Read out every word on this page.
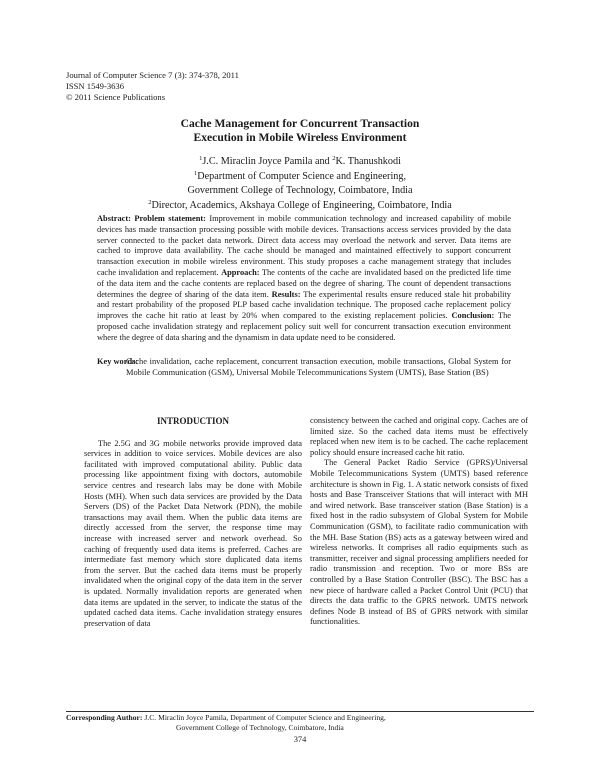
Journal of Computer Science 7 (3): 374-378, 2011
ISSN 1549-3636
© 2011 Science Publications
Cache Management for Concurrent Transaction
Execution in Mobile Wireless Environment
$^1$J.C. Miraclin Joyce Pamila and $^2$K. Thanushkodi
$^1$Department of Computer Science and Engineering,
Government College of Technology, Coimbatore, India
$^2$Director, Academics, Akshaya College of Engineering, Coimbatore, India
Abstract: Problem statement: Improvement in mobile communication technology and increased capability of mobile devices has made transaction processing possible with mobile devices. Transactions access services provided by the data server connected to the packet data network. Direct data access may overload the network and server. Data items are cached to improve data availability. The cache should be managed and maintained effectively to support concurrent transaction execution in mobile wireless environment. This study proposes a cache management strategy that includes cache invalidation and replacement. Approach: The contents of the cache are invalidated based on the predicted life time of the data item and the cache contents are replaced based on the degree of sharing. The count of dependent transactions determines the degree of sharing of the data item. Results: The experimental results ensure reduced stale hit probability and restart probability of the proposed PLP based cache invalidation technique. The proposed cache replacement policy improves the cache hit ratio at least by 20% when compared to the existing replacement policies. Conclusion: The proposed cache invalidation strategy and replacement policy suit well for concurrent transaction execution environment where the degree of data sharing and the dynamism in data update need to be considered.
Key words:
Cache invalidation, cache replacement, concurrent transaction execution, mobile transactions, Global System for Mobile Communication (GSM), Universal Mobile Telecommunications System (UMTS), Base Station (BS)
INTRODUCTION

The 2.5G and 3G mobile networks provide improved data services in addition to voice services. Mobile devices are also facilitated with improved computational ability. Public data processing like appointment fixing with doctors, automobile service centres and research labs may be done with Mobile Hosts (MH). When such data services are provided by the Data Servers (DS) of the Packet Data Network (PDN), the mobile transactions may avail them. When the public data items are directly accessed from the server, the response time may increase with increased server and network overhead. So caching of frequently used data items is preferred. Caches are intermediate fast memory which store duplicated data items from the server. But the cached data items must be properly invalidated when the original copy of the data item in the server is updated. Normally invalidation reports are generated when data items are updated in the server, to indicate the status of the updated cached data items. Cache invalidation strategy ensures preservation of data

consistency between the cached and original copy. Caches are of limited size. So the cached data items must be effectively replaced when new item is to be cached. The cache replacement policy should ensure increased cache hit ratio.

The General Packet Radio Service (GPRS)/Universal Mobile Telecommunications System (UMTS) based reference architecture is shown in Fig. 1. A static network consists of fixed hosts and Base Transceiver Stations that will interact with MH and wired network. Base transceiver station (Base Station) is a fixed host in the radio subsystem of Global System for Mobile Communication (GSM), to facilitate radio communication with the MH. Base Station (BS) acts as a gateway between wired and wireless networks. It comprises all radio equipments such as transmitter, receiver and signal processing amplifiers needed for radio transmission and reception. Two or more BSs are controlled by a Base Station Controller (BSC). The BSC has a new piece of hardware called a Packet Control Unit (PCU) that directs the data traffic to the GPRS network. UMTS network defines Node B instead of BS of GPRS network with similar functionalities.

Corresponding Author: J.C. Miraclin Joyce Pamila, Department of Computer Science and Engineering,
Government College of Technology, Coimbatore, India
374
